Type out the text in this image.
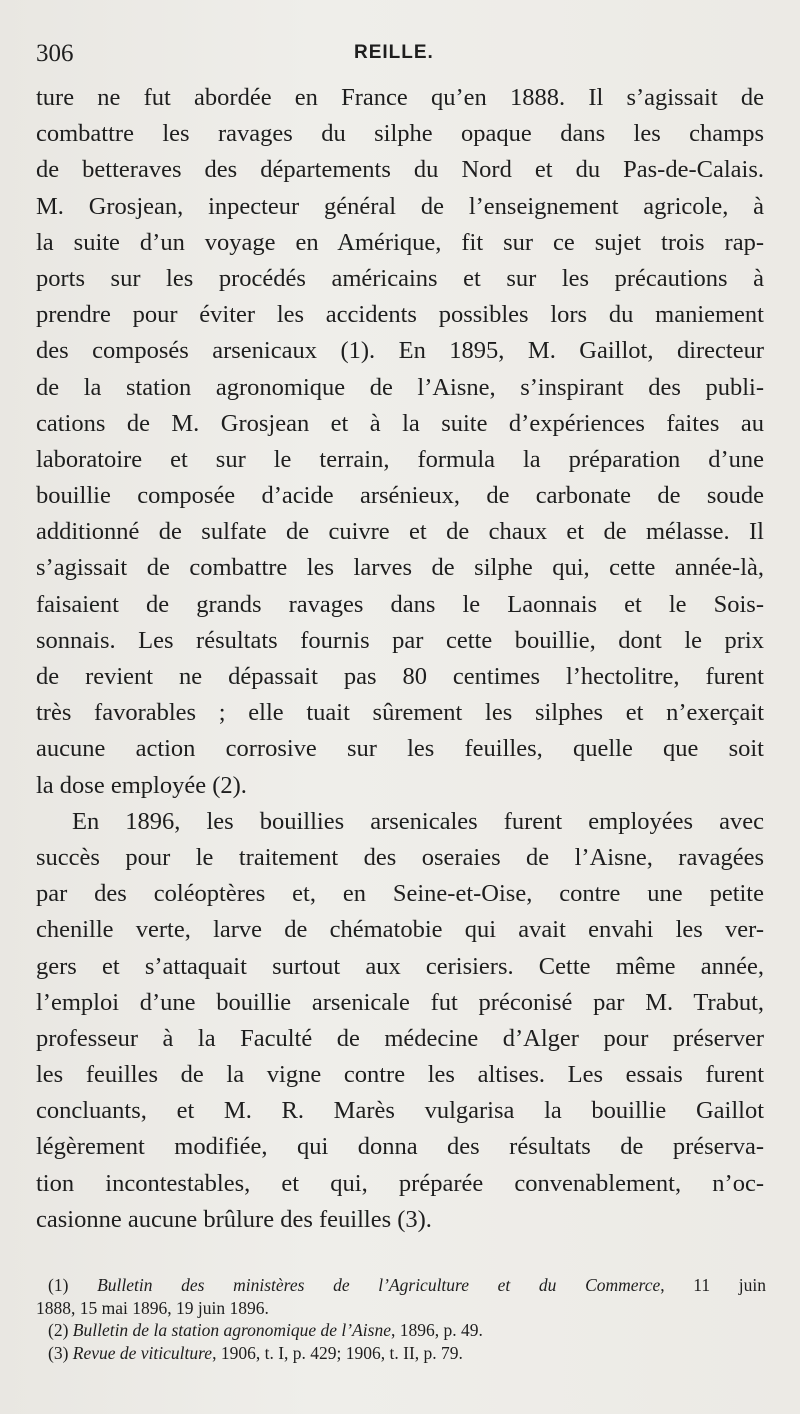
306	REILLE.
ture ne fut abordée en France qu’en 1888. Il s’agissait de
combattre les ravages du silphe opaque dans les champs
de betteraves des départements du Nord et du Pas-de-Calais.
M. Grosjean, inpecteur général de l’enseignement agricole, à
la suite d’un voyage en Amérique, fit sur ce sujet trois rap-
ports sur les procédés américains et sur les précautions à
prendre pour éviter les accidents possibles lors du maniement
des composés arsenicaux (1). En 1895, M. Gaillot, directeur
de la station agronomique de l’Aisne, s’inspirant des publi-
cations de M. Grosjean et à la suite d’expériences faites au
laboratoire et sur le terrain, formula la préparation d’une
bouillie composée d’acide arsénieux, de carbonate de soude
additionné de sulfate de cuivre et de chaux et de mélasse. Il
s’agissait de combattre les larves de silphe qui, cette année-là,
faisaient de grands ravages dans le Laonnais et le Sois-
sonnais. Les résultats fournis par cette bouillie, dont le prix
de revient ne dépassait pas 80 centimes l’hectolitre, furent
très favorables ; elle tuait sûrement les silphes et n’exerçait
aucune action corrosive sur les feuilles, quelle que soit
la dose employée (2).
En 1896, les bouillies arsenicales furent employées avec
succès pour le traitement des oseraies de l’Aisne, ravagées
par des coléoptères et, en Seine-et-Oise, contre une petite
chenille verte, larve de chématobie qui avait envahi les ver-
gers et s’attaquait surtout aux cerisiers. Cette même année,
l’emploi d’une bouillie arsenicale fut préconisé par M. Trabut,
professeur à la Faculté de médecine d’Alger pour préserver
les feuilles de la vigne contre les altises. Les essais furent
concluants, et M. R. Marès vulgarisa la bouillie Gaillot
légèrement modifiée, qui donna des résultats de préserva-
tion incontestables, et qui, préparée convenablement, n’oc-
casionne aucune brûlure des feuilles (3).
(1) Bulletin des ministères de l’Agriculture et du Commerce, 11 juin
1888, 15 mai 1896, 19 juin 1896.
(2) Bulletin de la station agronomique de l’Aisne, 1896, p. 49.
(3) Revue de viticulture, 1906, t. I, p. 429; 1906, t. II, p. 79.
